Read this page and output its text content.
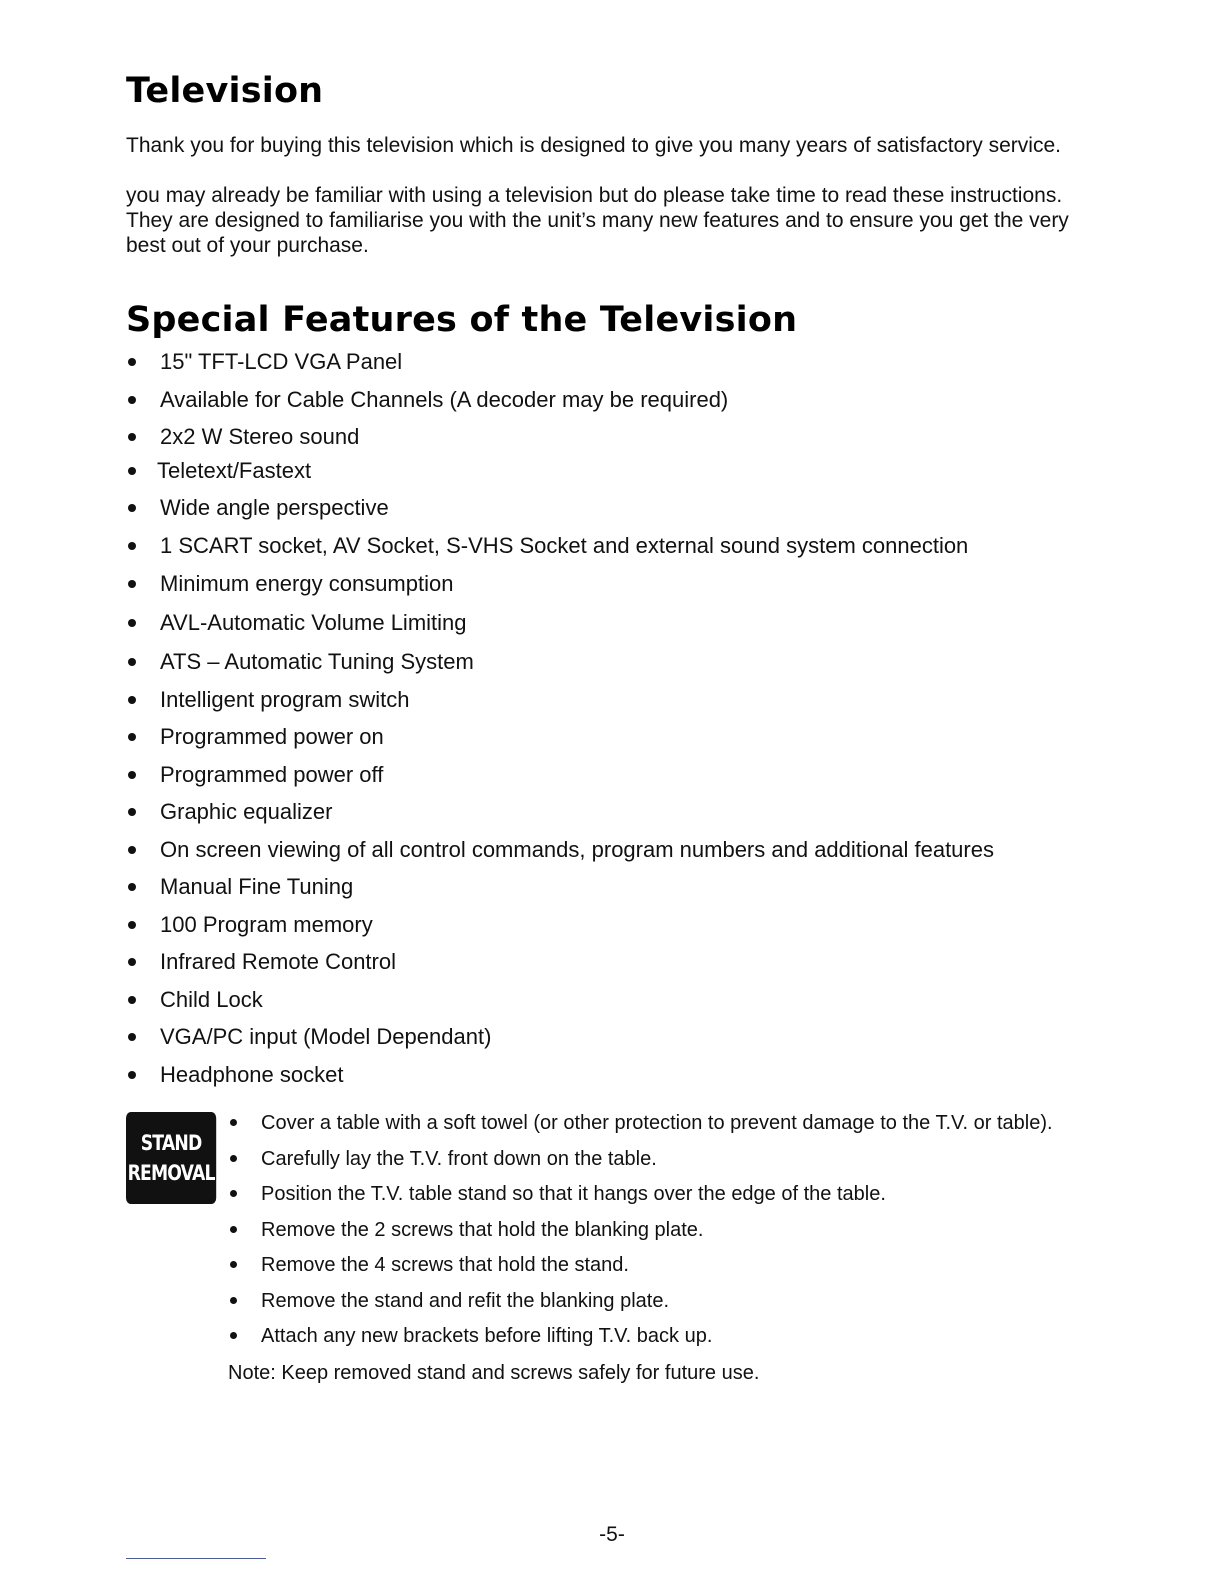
Television

Thank you for buying this television which is designed to give you many years of satisfactory service.

you may already be familiar with using a television but do please take time to read these instructions. They are designed to familiarise you with the unit’s many new features and to ensure you get the very best out of your purchase.

Special Features of the Television
15" TFT-LCD VGA Panel
Available for Cable Channels (A decoder may be required)
2x2 W Stereo sound
Teletext/Fastext
Wide angle perspective
1 SCART socket, AV Socket, S-VHS Socket and external sound system connection
Minimum energy consumption
AVL-Automatic Volume Limiting
ATS – Automatic Tuning System
Intelligent program switch
Programmed power on
Programmed power off
Graphic equalizer
On screen viewing of all control commands, program numbers and additional features
Manual Fine Tuning
100 Program memory
Infrared Remote Control
Child Lock
VGA/PC input (Model Dependant)
Headphone socket
STAND
REMOVAL
Cover a table with a soft towel (or other protection to prevent damage to the T.V. or table).
Carefully lay the T.V. front down on the table.
Position the T.V. table stand so that it hangs over the edge of the table.
Remove the 2 screws that hold the blanking plate.
Remove the 4 screws that hold the stand.
Remove the stand and refit the blanking plate.
Attach any new brackets before lifting T.V. back up.
Note: Keep removed stand and screws safely for future use.
-5-
